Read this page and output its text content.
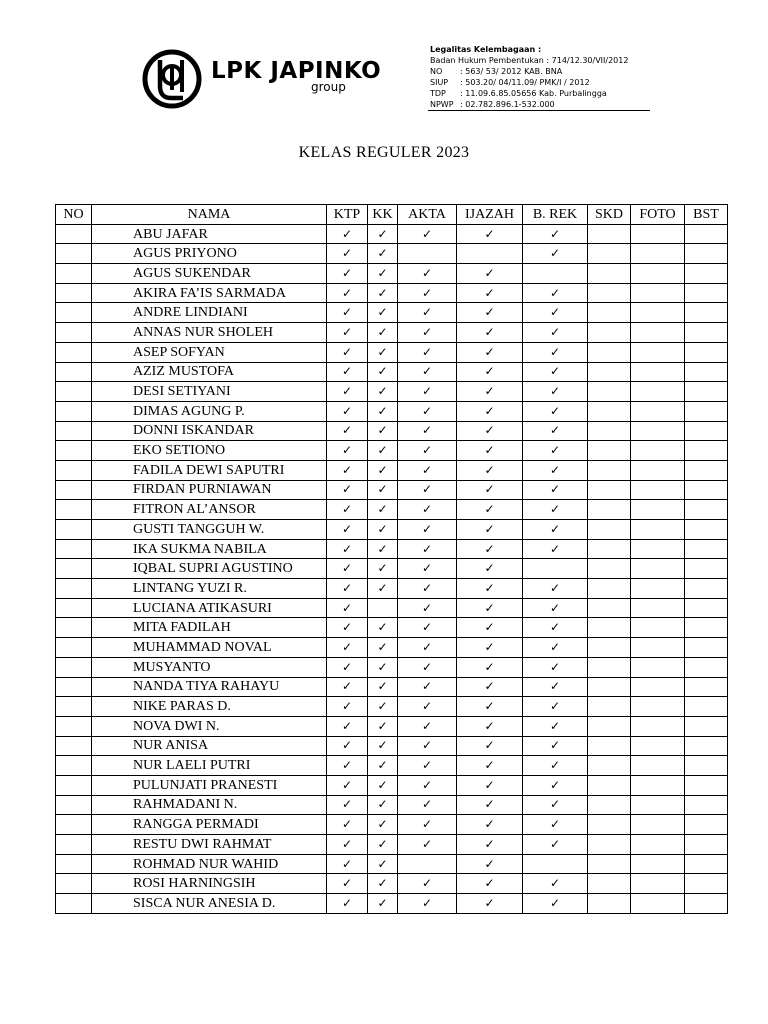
LPK JAPINKO
group
Legalitas Kelembagaan :
Badan Hukum Pembentukan : 714/12.30/VII/2012
NO	: 563/ 53/ 2012 KAB. BNA
SIUP	: 503.20/ 04/11.09/ PMK/I / 2012
TDP	: 11.09.6.85.05656 Kab. Purbalingga
NPWP : 02.782.896.1-532.000
KELAS REGULER 2023
NO	NAMA	KTP	KK	AKTA	IJAZAH	B. REK	SKD	FOTO	BST
	ABU JAFAR	✓	✓	✓	✓	✓			
	AGUS PRIYONO	✓	✓			✓			
	AGUS SUKENDAR	✓	✓	✓	✓				
	AKIRA FA’IS SARMADA	✓	✓	✓	✓	✓			
	ANDRE LINDIANI	✓	✓	✓	✓	✓			
	ANNAS NUR SHOLEH	✓	✓	✓	✓	✓			
	ASEP SOFYAN	✓	✓	✓	✓	✓			
	AZIZ MUSTOFA	✓	✓	✓	✓	✓			
	DESI SETIYANI	✓	✓	✓	✓	✓			
	DIMAS AGUNG P.	✓	✓	✓	✓	✓			
	DONNI ISKANDAR	✓	✓	✓	✓	✓			
	EKO SETIONO	✓	✓	✓	✓	✓			
	FADILA DEWI SAPUTRI	✓	✓	✓	✓	✓			
	FIRDAN PURNIAWAN	✓	✓	✓	✓	✓			
	FITRON AL’ANSOR	✓	✓	✓	✓	✓			
	GUSTI TANGGUH W.	✓	✓	✓	✓	✓			
	IKA SUKMA NABILA	✓	✓	✓	✓	✓			
	IQBAL SUPRI AGUSTINO	✓	✓	✓	✓				
	LINTANG YUZI R.	✓	✓	✓	✓	✓			
	LUCIANA ATIKASURI	✓		✓	✓	✓			
	MITA FADILAH	✓	✓	✓	✓	✓			
	MUHAMMAD NOVAL	✓	✓	✓	✓	✓			
	MUSYANTO	✓	✓	✓	✓	✓			
	NANDA TIYA RAHAYU	✓	✓	✓	✓	✓			
	NIKE PARAS D.	✓	✓	✓	✓	✓			
	NOVA DWI N.	✓	✓	✓	✓	✓			
	NUR ANISA	✓	✓	✓	✓	✓			
	NUR LAELI PUTRI	✓	✓	✓	✓	✓			
	PULUNJATI PRANESTI	✓	✓	✓	✓	✓			
	RAHMADANI N.	✓	✓	✓	✓	✓			
	RANGGA PERMADI	✓	✓	✓	✓	✓			
	RESTU DWI RAHMAT	✓	✓	✓	✓	✓			
	ROHMAD NUR WAHID	✓	✓		✓				
	ROSI HARNINGSIH	✓	✓	✓	✓	✓			
	SISCA NUR ANESIA D.	✓	✓	✓	✓	✓			
